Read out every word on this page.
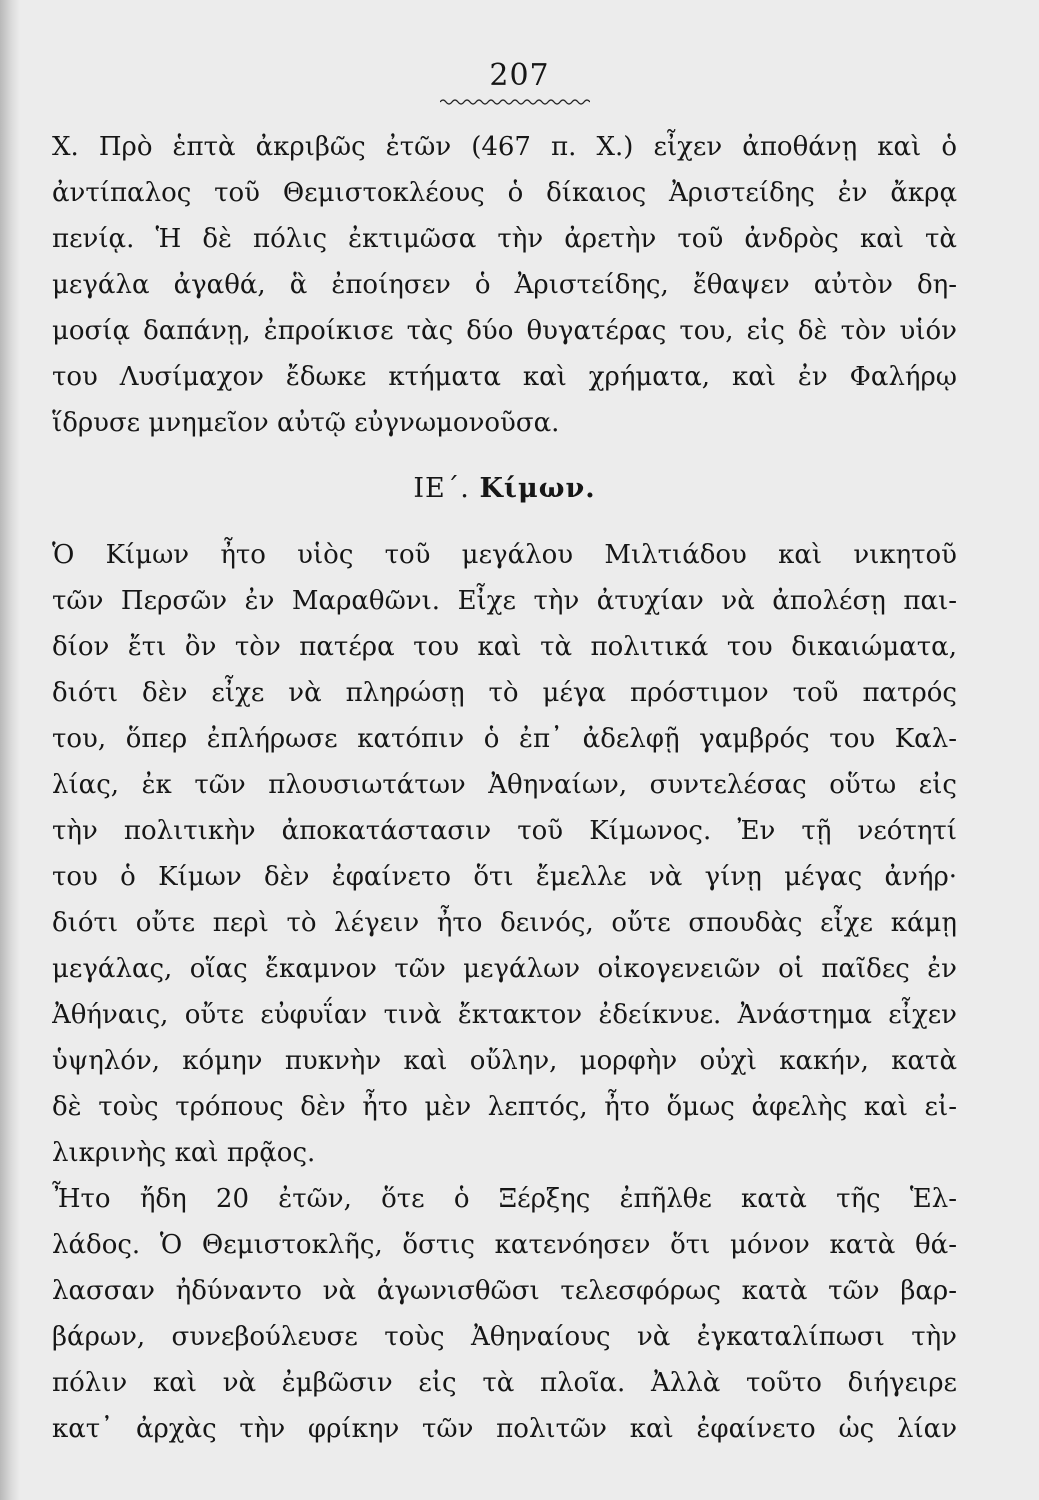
207
Χ. Πρὸ ἑπτὰ ἀκριβῶς ἐτῶν (467 π. Χ.) εἶχεν ἀποθάνῃ καὶ ὁ
ἀντίπαλος τοῦ Θεμιστοκλέους ὁ δίκαιος Ἀριστείδης ἐν ἄκρᾳ
πενίᾳ. Ἡ δὲ πόλις ἐκτιμῶσα τὴν ἀρετὴν τοῦ ἀνδρὸς καὶ τὰ
μεγάλα ἀγαθά, ἃ ἐποίησεν ὁ Ἀριστείδης, ἔθαψεν αὐτὸν δη-
μοσίᾳ δαπάνῃ, ἐπροίκισε τὰς δύο θυγατέρας του, εἰς δὲ τὸν υἱόν
του Λυσίμαχον ἔδωκε κτήματα καὶ χρήματα, καὶ ἐν Φαλήρῳ
ἵδρυσε μνημεῖον αὐτῷ εὐγνωμονοῦσα.
ΙΕ΄. Κίμων.
Ὁ Κίμων ἦτο υἱὸς τοῦ μεγάλου Μιλτιάδου καὶ νικητοῦ
τῶν Περσῶν ἐν Μαραθῶνι. Εἶχε τὴν ἀτυχίαν νὰ ἀπολέσῃ παι-
δίον ἔτι ὂν τὸν πατέρα του καὶ τὰ πολιτικά του δικαιώματα,
διότι δὲν εἶχε νὰ πληρώσῃ τὸ μέγα πρόστιμον τοῦ πατρός
του, ὅπερ ἐπλήρωσε κατόπιν ὁ ἐπ᾽ ἀδελφῇ γαμβρός του Καλ-
λίας, ἐκ τῶν πλουσιωτάτων Ἀθηναίων, συντελέσας οὕτω εἰς
τὴν πολιτικὴν ἀποκατάστασιν τοῦ Κίμωνος. Ἐν τῇ νεότητί
του ὁ Κίμων δὲν ἐφαίνετο ὅτι ἔμελλε νὰ γίνῃ μέγας ἀνήρ·
διότι οὔτε περὶ τὸ λέγειν ἦτο δεινός, οὔτε σπουδὰς εἶχε κάμῃ
μεγάλας, οἵας ἔκαμνον τῶν μεγάλων οἰκογενειῶν οἱ παῖδες ἐν
Ἀθήναις, οὔτε εὐφυΐαν τινὰ ἔκτακτον ἐδείκνυε. Ἀνάστημα εἶχεν
ὑψηλόν, κόμην πυκνὴν καὶ οὔλην, μορφὴν οὐχὶ κακήν, κατὰ
δὲ τοὺς τρόπους δὲν ἦτο μὲν λεπτός, ἦτο ὅμως ἀφελὴς καὶ εἰ-
λικρινὴς καὶ πρᾷος.
Ἦτο ἤδη 20 ἐτῶν, ὅτε ὁ Ξέρξης ἐπῆλθε κατὰ τῆς Ἑλ-
λάδος. Ὁ Θεμιστοκλῆς, ὅστις κατενόησεν ὅτι μόνον κατὰ θά-
λασσαν ἠδύναντο νὰ ἀγωνισθῶσι τελεσφόρως κατὰ τῶν βαρ-
βάρων, συνεβούλευσε τοὺς Ἀθηναίους νὰ ἐγκαταλίπωσι τὴν
πόλιν καὶ νὰ ἐμβῶσιν εἰς τὰ πλοῖα. Ἀλλὰ τοῦτο διήγειρε
κατ᾽ ἀρχὰς τὴν φρίκην τῶν πολιτῶν καὶ ἐφαίνετο ὡς λίαν
